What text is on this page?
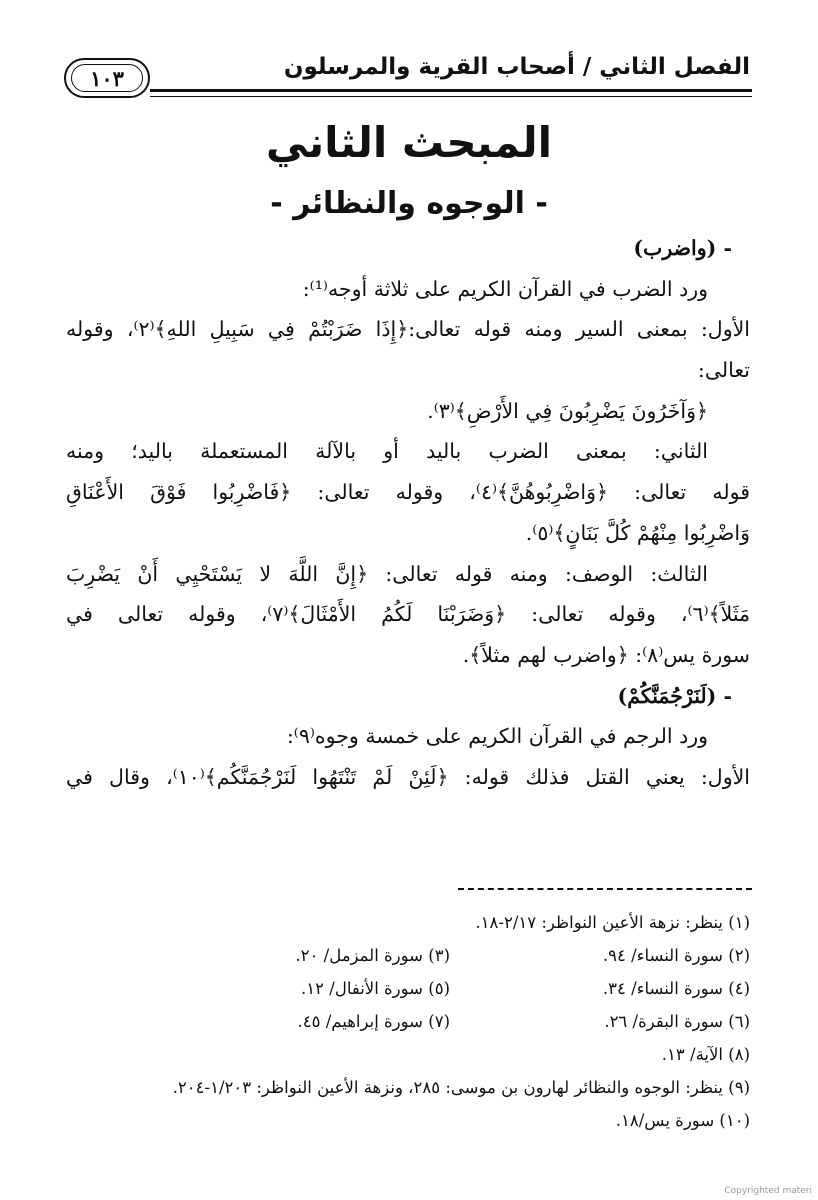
١٠٣	الفصل الثاني / أصحاب القرية والمرسلون
المبحث الثاني
- الوجوه والنظائر -
- (واضرب)
ورد الضرب في القرآن الكريم على ثلاثة أوجه⁽¹⁾:
الأول: بمعنى السير ومنه قوله تعالى:﴿إِذَا ضَرَبْتُمْ فِي سَبِيلِ اللهِ﴾⁽٢⁾، وقوله
تعالى:
﴿وَآخَرُونَ يَضْرِبُونَ فِي الأَرْضِ﴾⁽٣⁾.
الثاني: بمعنى الضرب باليد أو بالآلة المستعملة باليد؛ ومنه
قوله تعالى: ﴿وَاضْرِبُوهُنَّ﴾⁽٤⁾، وقوله تعالى: ﴿فَاضْرِبُوا فَوْقَ الأَعْنَاقِ
وَاضْرِبُوا مِنْهُمْ كُلَّ بَنَانٍ﴾⁽٥⁾.
الثالث: الوصف: ومنه قوله تعالى: ﴿إِنَّ اللَّهَ لا يَسْتَحْيِي أَنْ يَضْرِبَ
مَثَلاً﴾⁽٦⁾، وقوله تعالى: ﴿وَضَرَبْنَا لَكُمُ الأَمْثَالَ﴾⁽٧⁾، وقوله تعالى في
سورة يس⁽٨⁾: ﴿واضرب لهم مثلاً﴾.
- (لَنَرْجُمَنَّكُمْ)
ورد الرجم في القرآن الكريم على خمسة وجوه⁽٩⁾:
الأول: يعني القتل فذلك قوله: ﴿لَئِنْ لَمْ تَنْتَهُوا لَنَرْجُمَنَّكُم﴾⁽١٠⁾، وقال في
(١) ينظر: نزهة الأعين النواظر: ٢/١٧-١٨.
(٢) سورة النساء/ ٩٤.
(٣) سورة المزمل/ ٢٠.
(٤) سورة النساء/ ٣٤.
(٥) سورة الأنفال/ ١٢.
(٦) سورة البقرة/ ٢٦.
(٧) سورة إبراهيم/ ٤٥.
(٨) الآية/ ١٣.
(٩) ينظر: الوجوه والنظائر لهارون بن موسى: ٢٨٥، ونزهة الأعين النواظر: ١/٢٠٣-٢٠٤.
(١٠) سورة يس/١٨.
Copyrighted materi
